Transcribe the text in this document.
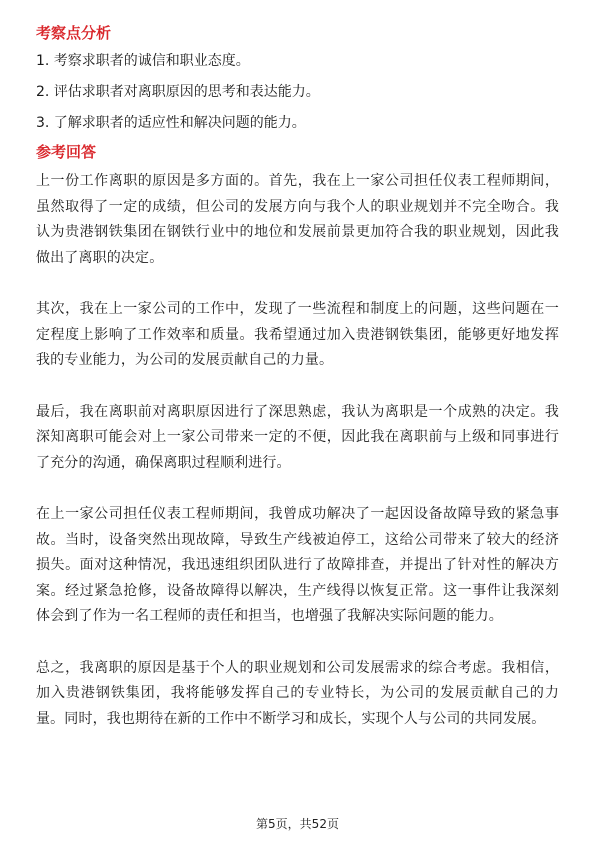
考察点分析
1. 考察求职者的诚信和职业态度。
2. 评估求职者对离职原因的思考和表达能力。
3. 了解求职者的适应性和解决问题的能力。
参考回答

上一份工作离职的原因是多方面的。首先，我在上一家公司担任仪表工程师期间，虽然取得了一定的成绩，但公司的发展方向与我个人的职业规划并不完全吻合。我认为贵港钢铁集团在钢铁行业中的地位和发展前景更加符合我的职业规划，因此我做出了离职的决定。

其次，我在上一家公司的工作中，发现了一些流程和制度上的问题，这些问题在一定程度上影响了工作效率和质量。我希望通过加入贵港钢铁集团，能够更好地发挥我的专业能力，为公司的发展贡献自己的力量。

最后，我在离职前对离职原因进行了深思熟虑，我认为离职是一个成熟的决定。我深知离职可能会对上一家公司带来一定的不便，因此我在离职前与上级和同事进行了充分的沟通，确保离职过程顺利进行。

在上一家公司担任仪表工程师期间，我曾成功解决了一起因设备故障导致的紧急事故。当时，设备突然出现故障，导致生产线被迫停工，这给公司带来了较大的经济损失。面对这种情况，我迅速组织团队进行了故障排查，并提出了针对性的解决方案。经过紧急抢修，设备故障得以解决，生产线得以恢复正常。这一事件让我深刻体会到了作为一名工程师的责任和担当，也增强了我解决实际问题的能力。

总之，我离职的原因是基于个人的职业规划和公司发展需求的综合考虑。我相信，加入贵港钢铁集团，我将能够发挥自己的专业特长，为公司的发展贡献自己的力量。同时，我也期待在新的工作中不断学习和成长，实现个人与公司的共同发展。

第5页，共52页
